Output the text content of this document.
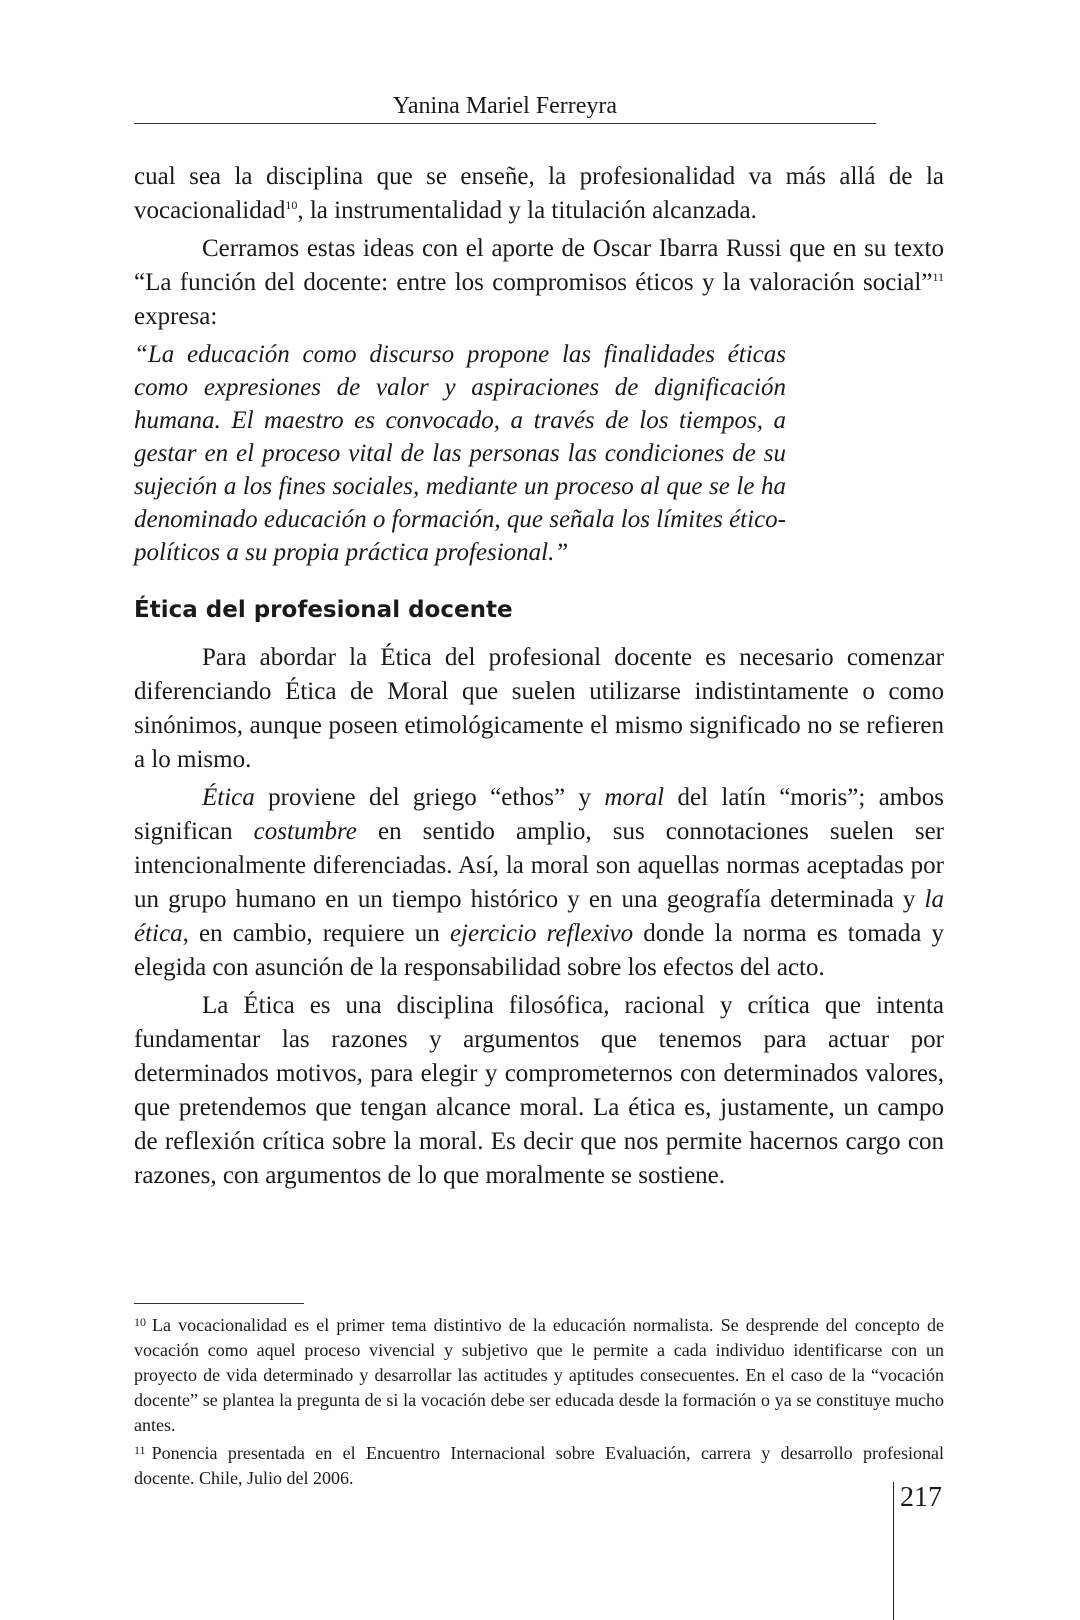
Yanina Mariel Ferreyra

cual sea la disciplina que se enseñe, la profesionalidad va más allá de la vocacionalidad$^{10}$, la instrumentalidad y la titulación alcanzada.

Cerramos estas ideas con el aporte de Oscar Ibarra Russi que en su texto “La función del docente: entre los compromisos éticos y la valoración social”$^{11}$ expresa:

“La educación como discurso propone las finalidades éticas como expresiones de valor y aspiraciones de dignificación humana. El maestro es convocado, a través de los tiempos, a gestar en el proceso vital de las personas las condiciones de su sujeción a los fines sociales, mediante un proceso al que se le ha denominado educación o formación, que señala los límites ético-políticos a su propia práctica profesional.”

Ética del profesional docente

Para abordar la Ética del profesional docente es necesario comenzar diferenciando Ética de Moral que suelen utilizarse indistintamente o como sinónimos, aunque poseen etimológicamente el mismo significado no se refieren a lo mismo.

Ética proviene del griego “ethos” y moral del latín “moris”; ambos significan costumbre en sentido amplio, sus connotaciones suelen ser intencionalmente diferenciadas. Así, la moral son aquellas normas aceptadas por un grupo humano en un tiempo histórico y en una geografía determinada y la ética, en cambio, requiere un ejercicio reflexivo donde la norma es tomada y elegida con asunción de la responsabilidad sobre los efectos del acto.

La Ética es una disciplina filosófica, racional y crítica que intenta fundamentar las razones y argumentos que tenemos para actuar por determinados motivos, para elegir y comprometernos con determinados valores, que pretendemos que tengan alcance moral. La ética es, justamente, un campo de reflexión crítica sobre la moral. Es decir que nos permite hacernos cargo con razones, con argumentos de lo que moralmente se sostiene.

$^{10}$ La vocacionalidad es el primer tema distintivo de la educación normalista. Se desprende del concepto de vocación como aquel proceso vivencial y subjetivo que le permite a cada individuo identificarse con un proyecto de vida determinado y desarrollar las actitudes y aptitudes consecuentes. En el caso de la “vocación docente” se plantea la pregunta de si la vocación debe ser educada desde la formación o ya se constituye mucho antes.

$^{11}$ Ponencia presentada en el Encuentro Internacional sobre Evaluación, carrera y desarrollo profesional docente. Chile, Julio del 2006.

217
